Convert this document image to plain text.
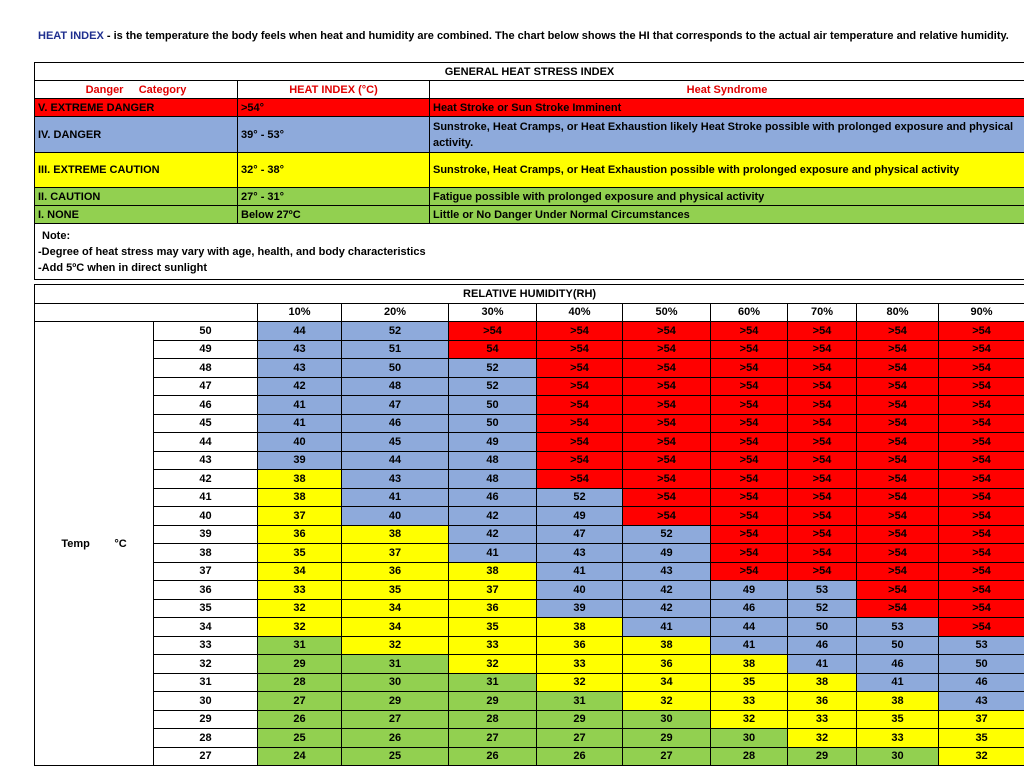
HEAT INDEX - is the temperature the body feels when heat and humidity are combined. The chart below shows the HI that corresponds to the actual air temperature and relative humidity.
GENERAL HEAT STRESS INDEX		
Danger     Category	HEAT INDEX (°C)	Heat Syndrome
V. EXTREME DANGER	>54°	Heat Stroke or Sun Stroke Imminent
IV. DANGER	39° - 53°	Sunstroke, Heat Cramps, or Heat Exhaustion likely Heat Stroke possible with prolonged exposure and physical activity.
III. EXTREME CAUTION	32° - 38°	Sunstroke, Heat Cramps, or Heat Exhaustion possible with prolonged exposure and physical activity
II. CAUTION	27° - 31°	Fatigue possible with prolonged exposure and physical activity
I. NONE	Below 27ºC	Little or No Danger Under Normal Circumstances

Note:
-Degree of heat stress may vary with age, health, and body characteristics
-Add 5ºC when in direct sunlight		
RELATIVE HUMIDITY(RH)										
		10%	20%	30%	40%	50%	60%	70%	80%	90%
Temp        °C	50	44	52	>54	>54	>54	>54	>54	>54	>54
	49	43	51	54	>54	>54	>54	>54	>54	>54
	48	43	50	52	>54	>54	>54	>54	>54	>54
	47	42	48	52	>54	>54	>54	>54	>54	>54
	46	41	47	50	>54	>54	>54	>54	>54	>54
	45	41	46	50	>54	>54	>54	>54	>54	>54
	44	40	45	49	>54	>54	>54	>54	>54	>54
	43	39	44	48	>54	>54	>54	>54	>54	>54
	42	38	43	48	>54	>54	>54	>54	>54	>54
	41	38	41	46	52	>54	>54	>54	>54	>54
	40	37	40	42	49	>54	>54	>54	>54	>54
	39	36	38	42	47	52	>54	>54	>54	>54
	38	35	37	41	43	49	>54	>54	>54	>54
	37	34	36	38	41	43	>54	>54	>54	>54
	36	33	35	37	40	42	49	53	>54	>54
	35	32	34	36	39	42	46	52	>54	>54
	34	32	34	35	38	41	44	50	53	>54
	33	31	32	33	36	38	41	46	50	53
	32	29	31	32	33	36	38	41	46	50
	31	28	30	31	32	34	35	38	41	46
	30	27	29	29	31	32	33	36	38	43
	29	26	27	28	29	30	32	33	35	37
	28	25	26	27	27	29	30	32	33	35
	27	24	25	26	26	27	28	29	30	32
